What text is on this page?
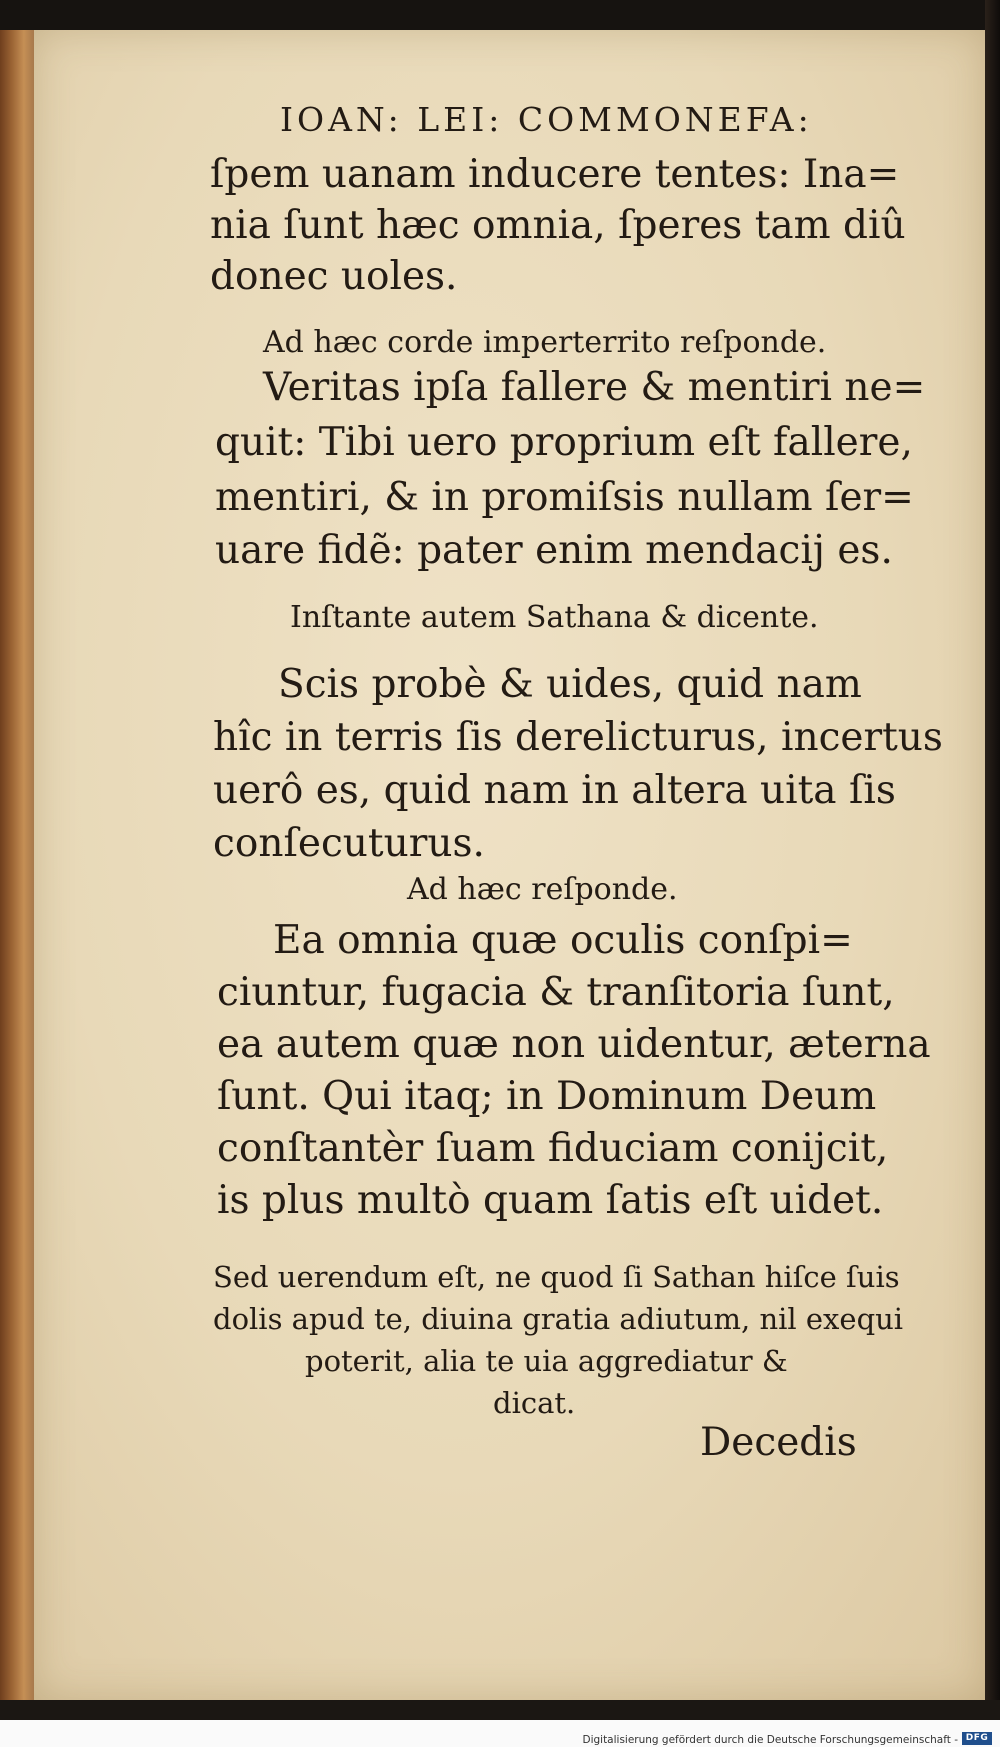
IOAN: LEI: COMMONEFA:
ſpem uanam inducere tentes: Ina=
nia ſunt hæc omnia, ſperes tam diû
donec uoles.
Ad hæc corde imperterrito reſponde.
Veritas ipſa fallere & mentiri ne=
quit: Tibi uero proprium eſt fallere,
mentiri, & in promiſsis nullam ſer=
uare fidẽ: pater enim mendacij es.
Inſtante autem Sathana & dicente.
Scis probè & uides, quid nam
hîc in terris ſis derelicturus, incertus
uerô es, quid nam in altera uita ſis
conſecuturus.
Ad hæc reſponde.
Ea omnia quæ oculis conſpi=
ciuntur, fugacia & tranſitoria ſunt,
ea autem quæ non uidentur, æterna
ſunt. Qui itaq; in Dominum Deum
conſtantèr ſuam fiduciam conijcit,
is plus multò quam ſatis eſt uidet.
Sed uerendum eſt, ne quod ſi Sathan hiſce ſuis
dolis apud te, diuina gratia adiutum, nil exequi
poterit, alia te uia aggrediatur &
dicat.
Decedis
Digitalisierung gefördert durch die Deutsche Forschungsgemeinschaft - DFG
